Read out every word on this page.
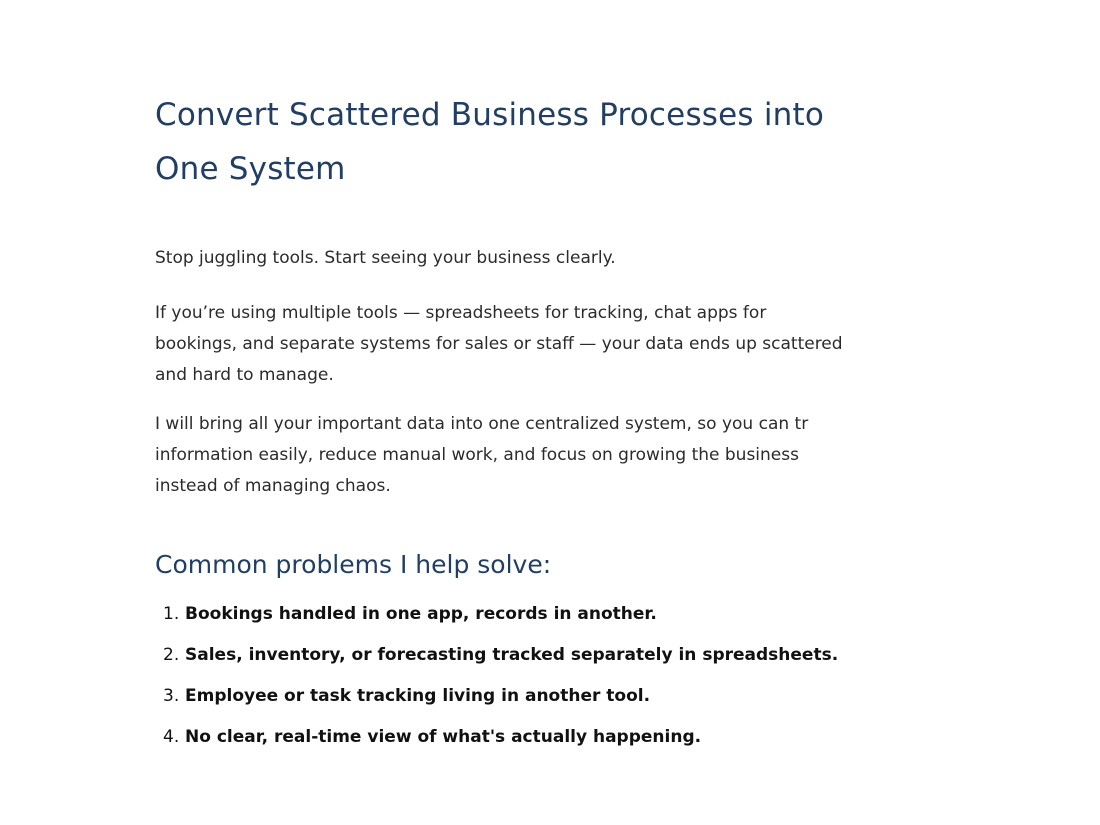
Convert Scattered Business Processes into
One System

Stop juggling tools. Start seeing your business clearly.

If you’re using multiple tools — spreadsheets for tracking, chat apps for bookings, and separate systems for sales or staff — your data ends up scattered and hard to manage.

I will bring all your important data into one centralized system, so you can tr
information easily, reduce manual work, and focus on growing the business
instead of managing chaos.

Common problems I help solve:
1. Bookings handled in one app, records in another.
2. Sales, inventory, or forecasting tracked separately in spreadsheets.
3. Employee or task tracking living in another tool.
4. No clear, real-time view of what's actually happening.
